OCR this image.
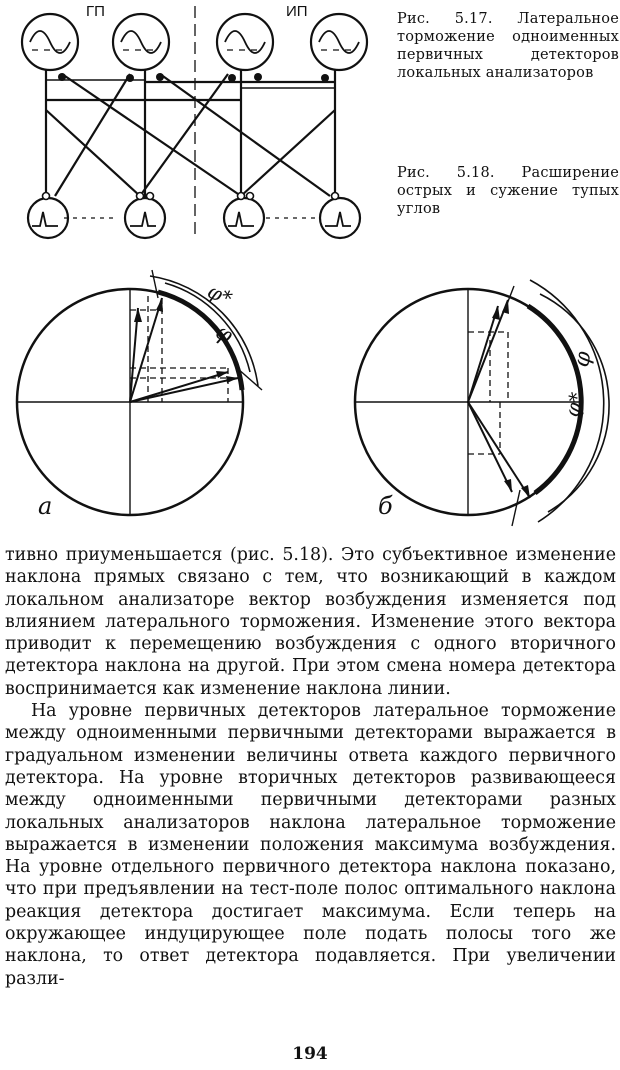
ГП	ИП	Рис. 5.17. Латеральное торможение одноименных первичных детекторов локальных анализаторов
Рис. 5.18. Расширение острых и сужение тупых углов
φ*
φ
а
φ
φ*
б

тивно приуменьшается (рис. 5.18). Это субъективное изменение наклона прямых связано с тем, что возникающий в каждом локальном анализаторе вектор возбуждения изменяется под влиянием латерального торможения. Изменение этого вектора приводит к перемещению возбуждения с одного вторичного детектора наклона на другой. При этом смена номера детектора воспринимается как изменение наклона линии.

На уровне первичных детекторов латеральное торможение между одноименными первичными детекторами выражается в градуальном изменении величины ответа каждого первичного детектора. На уровне вторичных детекторов развивающееся между одноименными первичными детекторами разных локальных анализаторов наклона латеральное торможение выражается в изменении положения максимума возбуждения. На уровне отдельного первичного детектора наклона показано, что при предъявлении на тест-поле полос оптимального наклона реакция детектора достигает максимума. Если теперь на окружающее индуцирующее поле подать полосы того же наклона, то ответ детектора подавляется. При увеличении разли-

194
